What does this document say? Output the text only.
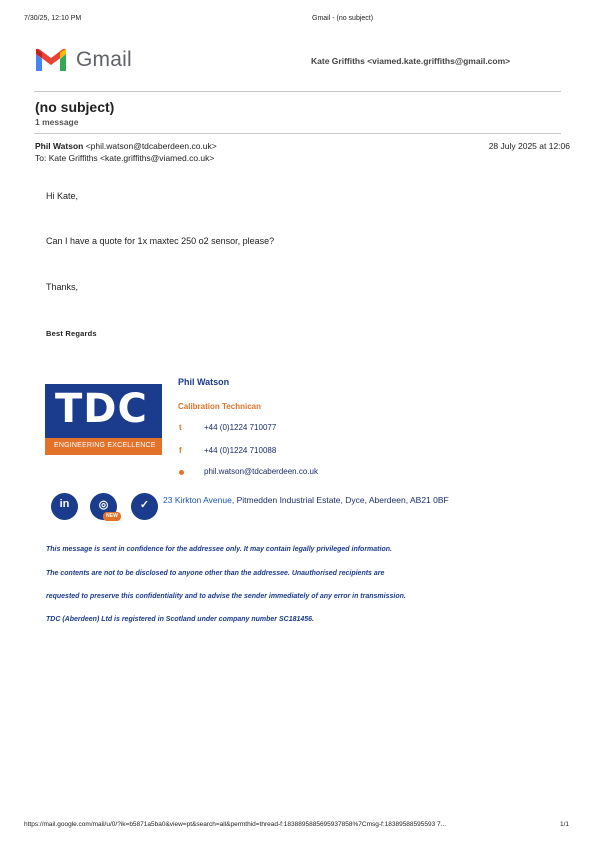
7/30/25, 12:10 PM	Gmail - (no subject)
Gmail	Kate Griffiths <viamed.kate.griffiths@gmail.com>
(no subject)
1 message
Phil Watson <phil.watson@tdcaberdeen.co.uk>	28 July 2025 at 12:06
To: Kate Griffiths <kate.griffiths@viamed.co.uk>
Hi Kate,
Can I have a quote for 1x maxtec 250 o2 sensor, please?
Thanks,
Best Regards
TDC
ENGINEERING EXCELLENCE
Phil Watson
Calibration Technican
t	+44 (0)1224 710077
f	+44 (0)1224 710088
phil.watson@tdcaberdeen.co.uk
in	◎
NEW
✓	23 Kirkton Avenue, Pitmedden Industrial Estate, Dyce, Aberdeen, AB21 0BF
This message is sent in confidence for the addressee only. It may contain legally privileged information.
The contents are not to be disclosed to anyone other than the addressee. Unauthorised recipients are
requested to preserve this confidentiality and to advise the sender immediately of any error in transmission.
TDC (Aberdeen) Ltd is registered in Scotland under company number SC181456.
https://mail.google.com/mail/u/0/?ik=b5871a5ba0&view=pt&search=all&permthid=thread-f:1838895885695937858%7Cmsg-f:18389588595593 7...	1/1
